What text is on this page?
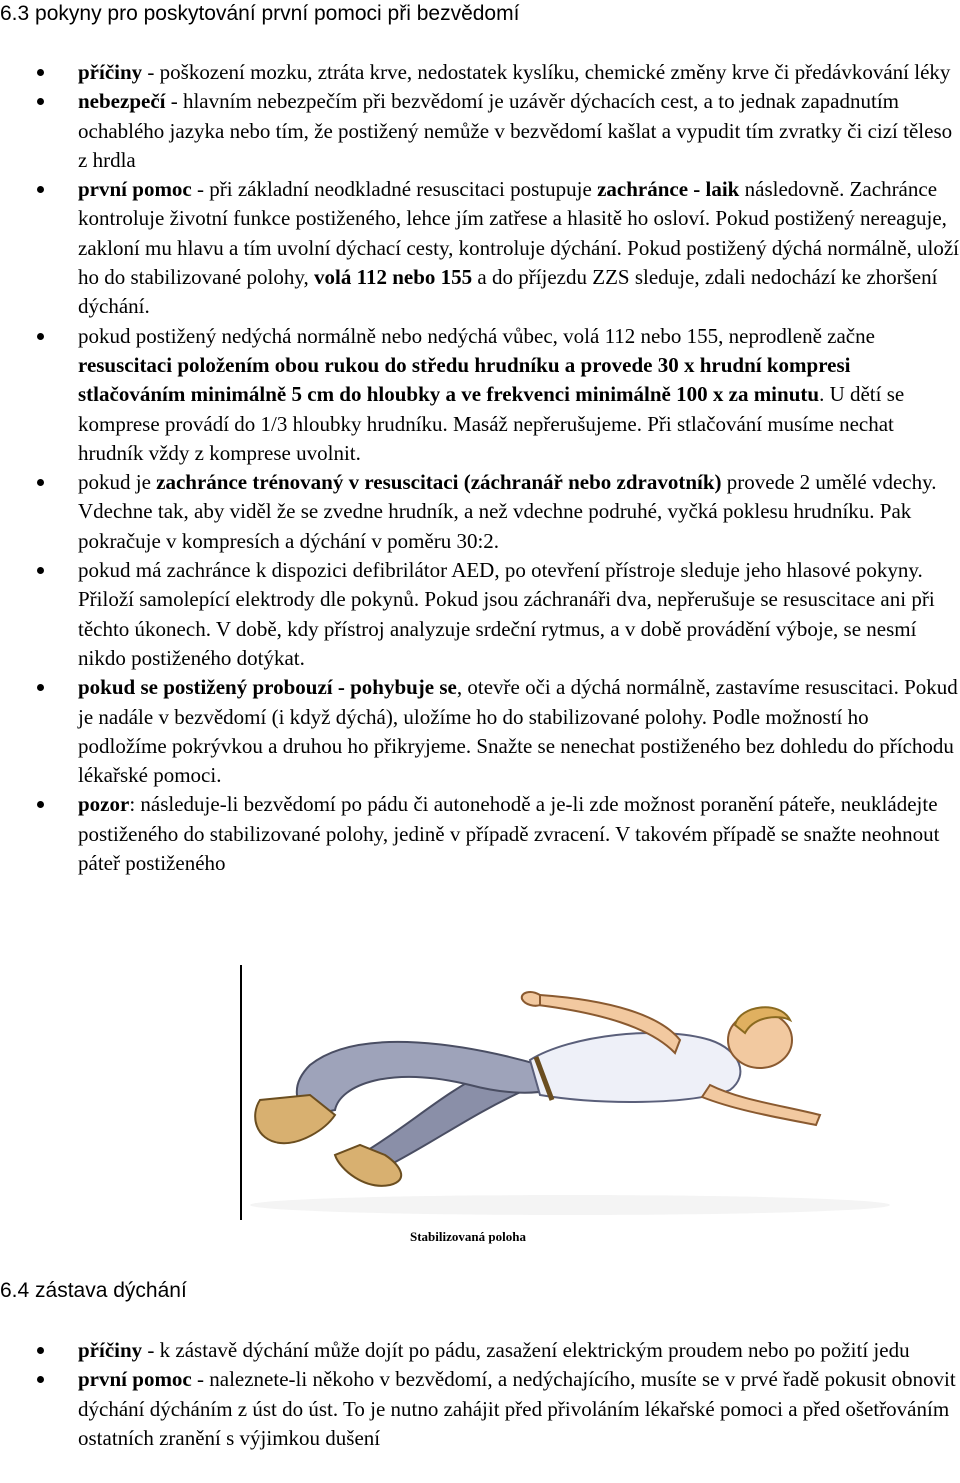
6.3 pokyny pro poskytování první pomoci při bezvědomí
příčiny - poškození mozku, ztráta krve, nedostatek kyslíku, chemické změny krve či předávkování léky
nebezpečí - hlavním nebezpečím při bezvědomí je uzávěr dýchacích cest, a to jednak zapadnutím ochablého jazyka nebo tím, že postižený nemůže v bezvědomí kašlat a vypudit tím zvratky či cizí těleso z hrdla
první pomoc - při základní neodkladné resuscitaci postupuje zachránce - laik následovně. Zachránce kontroluje životní funkce postiženého, lehce jím zatřese a hlasitě ho osloví. Pokud postižený nereaguje, zakloní mu hlavu a tím uvolní dýchací cesty, kontroluje dýchání. Pokud postižený dýchá normálně, uloží ho do stabilizované polohy, volá 112 nebo 155 a do příjezdu ZZS sleduje, zdali nedochází ke zhoršení dýchání.
pokud postižený nedýchá normálně nebo nedýchá vůbec, volá 112 nebo 155, neprodleně začne resuscitaci položením obou rukou do středu hrudníku a provede 30 x hrudní kompresi stlačováním minimálně 5 cm do hloubky a ve frekvenci minimálně 100 x za minutu. U dětí se komprese provádí do 1/3 hloubky hrudníku. Masáž nepřerušujeme. Při stlačování musíme nechat hrudník vždy z komprese uvolnit.
pokud je zachránce trénovaný v resuscitaci (záchranář nebo zdravotník) provede 2 umělé vdechy. Vdechne tak, aby viděl že se zvedne hrudník, a než vdechne podruhé, vyčká poklesu hrudníku. Pak pokračuje v kompresích a dýchání v poměru 30:2.
pokud má zachránce k dispozici defibrilátor AED, po otevření přístroje sleduje jeho hlasové pokyny. Přiloží samolepící elektrody dle pokynů. Pokud jsou záchranáři dva, nepřerušuje se resuscitace ani při těchto úkonech. V době, kdy přístroj analyzuje srdeční rytmus, a v době provádění výboje, se nesmí nikdo postiženého dotýkat.
pokud se postižený probouzí - pohybuje se, otevře oči a dýchá normálně, zastavíme resuscitaci. Pokud je nadále v bezvědomí (i když dýchá), uložíme ho do stabilizované polohy. Podle možností ho podložíme pokrývkou a druhou ho přikryjeme. Snažte se nenechat postiženého bez dohledu do příchodu lékařské pomoci.
pozor: následuje-li bezvědomí po pádu či autonehodě a je-li zde možnost poranění páteře, neukládejte postiženého do stabilizované polohy, jedině v případě zvracení. V takovém případě se snažte neohnout páteř postiženého
Stabilizovaná poloha
6.4 zástava dýchání
příčiny - k zástavě dýchání může dojít po pádu, zasažení elektrickým proudem nebo po požití jedu
první pomoc - naleznete-li někoho v bezvědomí, a nedýchajícího, musíte se v prvé řadě pokusit obnovit dýchání dýcháním z úst do úst. To je nutno zahájit před přivoláním lékařské pomoci a před ošetřováním ostatních zranění s výjimkou dušení
